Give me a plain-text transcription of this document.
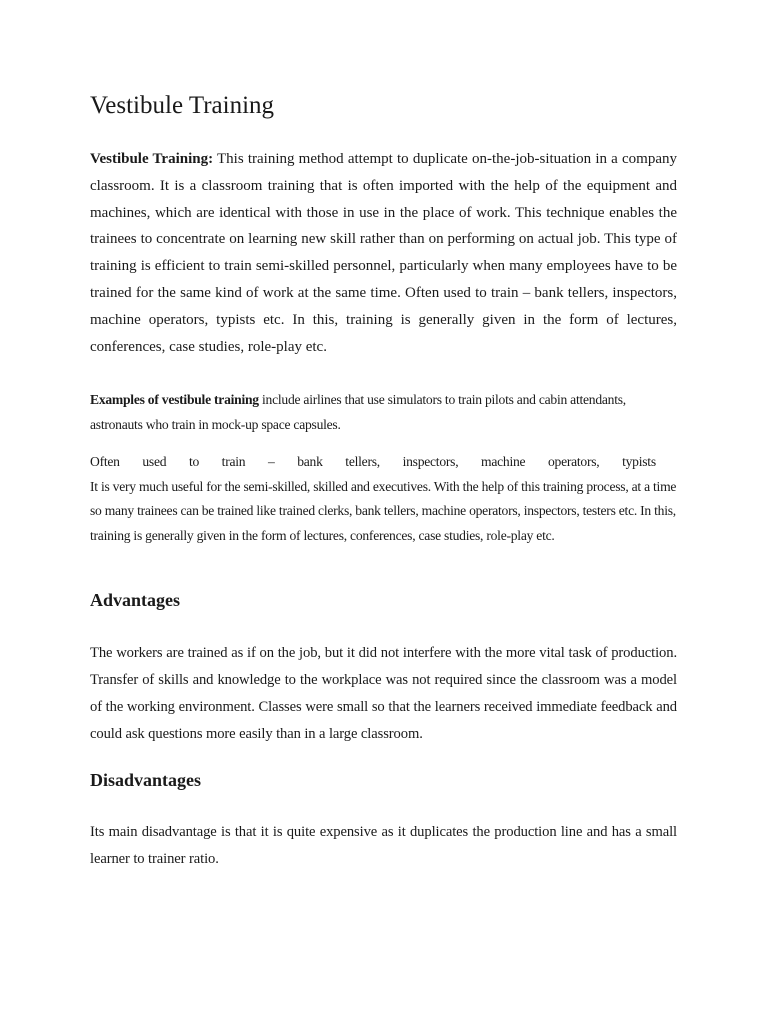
Vestibule Training

Vestibule Training: This training method attempt to duplicate on-the-job-situation in a company classroom. It is a classroom training that is often imported with the help of the equipment and machines, which are identical with those in use in the place of work. This technique enables the trainees to concentrate on learning new skill rather than on performing on actual job. This type of training is efficient to train semi-skilled personnel, particularly when many employees have to be trained for the same kind of work at the same time. Often used to train – bank tellers, inspectors, machine operators, typists etc. In this, training is generally given in the form of lectures, conferences, case studies, role-play etc.

Examples of vestibule training include airlines that use simulators to train pilots and cabin attendants, astronauts who train in mock-up space capsules.

Often used to train – bank tellers, inspectors, machine operators, typists
It is very much useful for the semi-skilled, skilled and executives. With the help of this training process, at a time so many trainees can be trained like trained clerks, bank tellers, machine operators, inspectors, testers etc. In this, training is generally given in the form of lectures, conferences, case studies, role-play etc.
Advantages

The workers are trained as if on the job, but it did not interfere with the more vital task of production. Transfer of skills and knowledge to the workplace was not required since the classroom was a model of the working environment. Classes were small so that the learners received immediate feedback and could ask questions more easily than in a large classroom.

Disadvantages

Its main disadvantage is that it is quite expensive as it duplicates the production line and has a small learner to trainer ratio.
